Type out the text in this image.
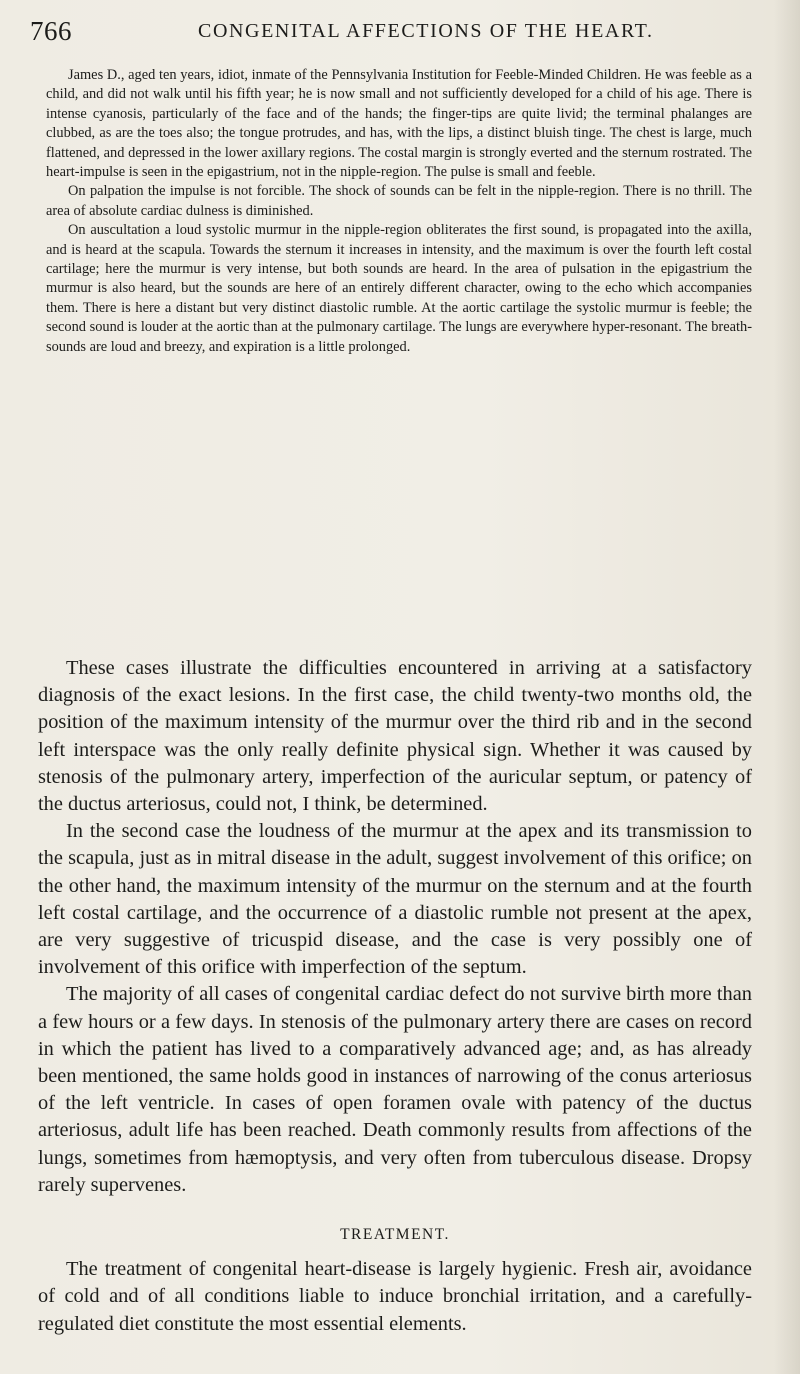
766	CONGENITAL AFFECTIONS OF THE HEART.

James D., aged ten years, idiot, inmate of the Pennsylvania Institution for Feeble-Minded Children. He was feeble as a child, and did not walk until his fifth year; he is now small and not sufficiently developed for a child of his age. There is intense cyanosis, particularly of the face and of the hands; the finger-tips are quite livid; the terminal phalanges are clubbed, as are the toes also; the tongue protrudes, and has, with the lips, a distinct bluish tinge. The chest is large, much flattened, and depressed in the lower axillary regions. The costal margin is strongly everted and the sternum rostrated. The heart-impulse is seen in the epigastrium, not in the nipple-region. The pulse is small and feeble.

On palpation the impulse is not forcible. The shock of sounds can be felt in the nipple-region. There is no thrill. The area of absolute cardiac dulness is diminished.

On auscultation a loud systolic murmur in the nipple-region obliterates the first sound, is propagated into the axilla, and is heard at the scapula. Towards the sternum it increases in intensity, and the maximum is over the fourth left costal cartilage; here the murmur is very intense, but both sounds are heard. In the area of pulsation in the epigastrium the murmur is also heard, but the sounds are here of an entirely different character, owing to the echo which accompanies them. There is here a distant but very distinct diastolic rumble. At the aortic cartilage the systolic murmur is feeble; the second sound is louder at the aortic than at the pulmonary cartilage. The lungs are everywhere hyper-resonant. The breath-sounds are loud and breezy, and expiration is a little prolonged.

These cases illustrate the difficulties encountered in arriving at a satisfactory diagnosis of the exact lesions. In the first case, the child twenty-two months old, the position of the maximum intensity of the murmur over the third rib and in the second left interspace was the only really definite physical sign. Whether it was caused by stenosis of the pulmonary artery, imperfection of the auricular septum, or patency of the ductus arteriosus, could not, I think, be determined.

In the second case the loudness of the murmur at the apex and its transmission to the scapula, just as in mitral disease in the adult, suggest involvement of this orifice; on the other hand, the maximum intensity of the murmur on the sternum and at the fourth left costal cartilage, and the occurrence of a diastolic rumble not present at the apex, are very suggestive of tricuspid disease, and the case is very possibly one of involvement of this orifice with imperfection of the septum.

The majority of all cases of congenital cardiac defect do not survive birth more than a few hours or a few days. In stenosis of the pulmonary artery there are cases on record in which the patient has lived to a comparatively advanced age; and, as has already been mentioned, the same holds good in instances of narrowing of the conus arteriosus of the left ventricle. In cases of open foramen ovale with patency of the ductus arteriosus, adult life has been reached. Death commonly results from affections of the lungs, sometimes from hæmoptysis, and very often from tuberculous disease. Dropsy rarely supervenes.

TREATMENT.

The treatment of congenital heart-disease is largely hygienic. Fresh air, avoidance of cold and of all conditions liable to induce bronchial irritation, and a carefully-regulated diet constitute the most essential elements.
